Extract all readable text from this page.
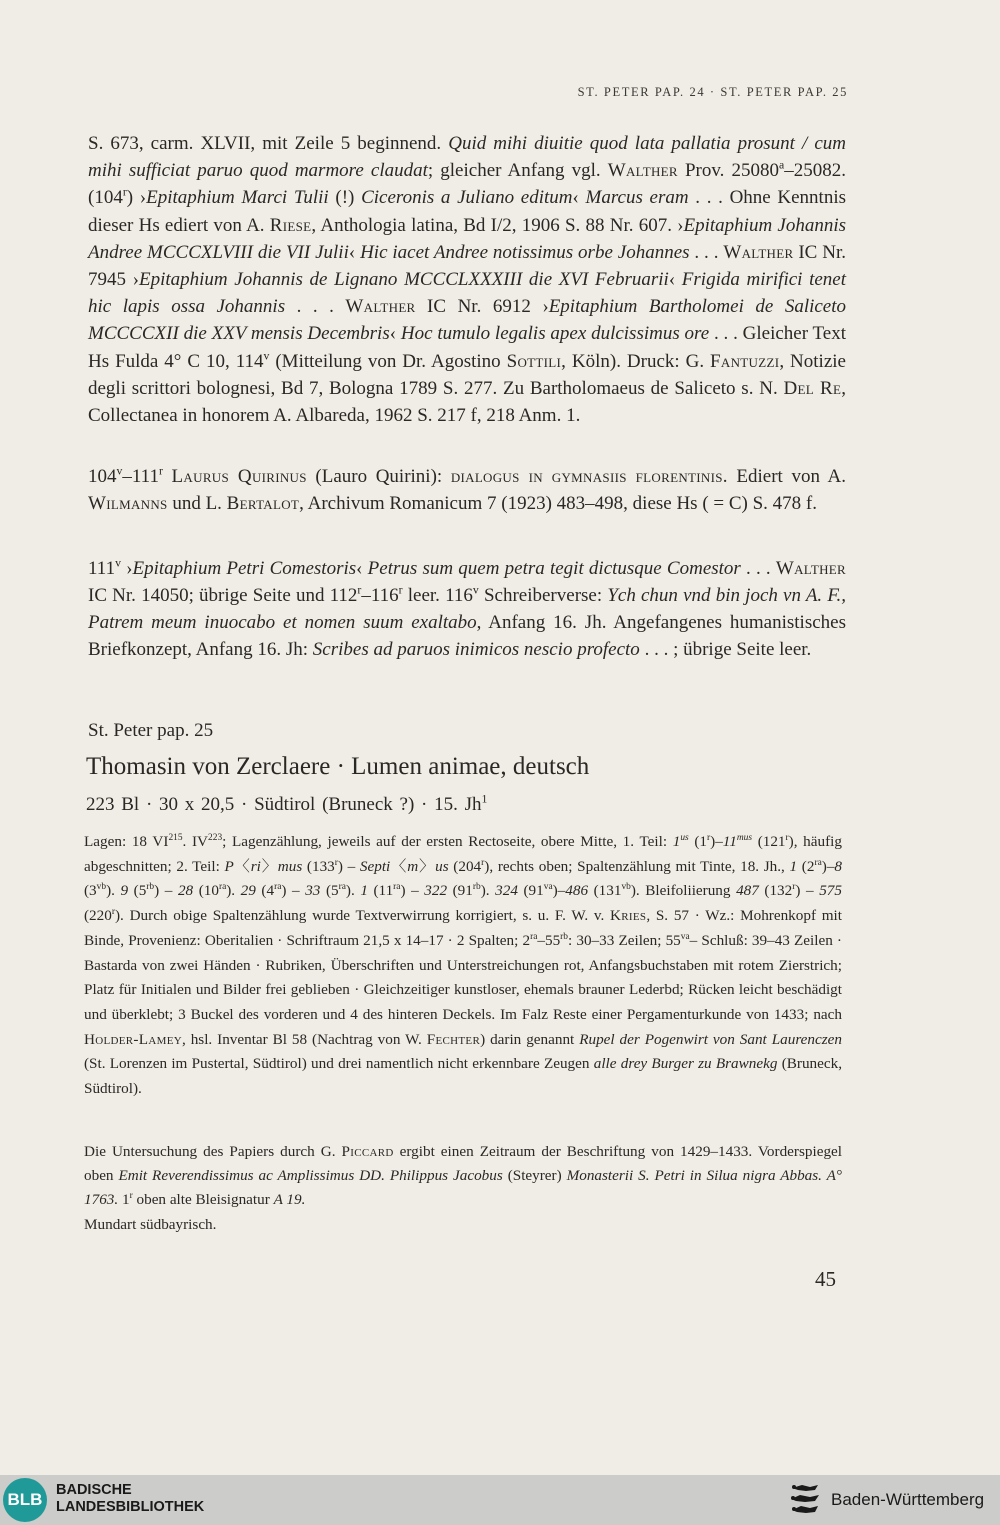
ST. PETER PAP. 24 · ST. PETER PAP. 25

S. 673, carm. XLVII, mit Zeile 5 beginnend. Quid mihi diuitie quod lata pallatia prosunt / cum mihi sufficiat paruo quod marmore claudat; gleicher Anfang vgl. Walther Prov. 25080$^a$–25082. (104$^r$) ›Epitaphium Marci Tulii (!) Ciceronis a Juliano editum‹ Marcus eram . . . Ohne Kenntnis dieser Hs ediert von A. Riese, Anthologia latina, Bd I/2, 1906 S. 88 Nr. 607. ›Epitaphium Johannis Andree MCCCXLVIII die VII Julii‹ Hic iacet Andree notissimus orbe Johannes . . . Walther IC Nr. 7945 ›Epitaphium Johannis de Lignano MCCCLXXXIII die XVI Februarii‹ Frigida mirifici tenet hic lapis ossa Johannis . . . Walther IC Nr. 6912 ›Epitaphium Bartholomei de Saliceto MCCCCXII die XXV mensis Decembris‹ Hoc tumulo legalis apex dulcissimus ore . . . Gleicher Text Hs Fulda 4° C 10, 114$^v$ (Mitteilung von Dr. Agostino Sottili, Köln). Druck: G. Fantuzzi, Notizie degli scrittori bolognesi, Bd 7, Bologna 1789 S. 277. Zu Bartholomaeus de Saliceto s. N. Del Re, Collectanea in honorem A. Albareda, 1962 S. 217 f, 218 Anm. 1.

104$^v$–111$^r$ Laurus Quirinus (Lauro Quirini): dialogus in gymnasiis florentinis. Ediert von A. Wilmanns und L. Bertalot, Archivum Romanicum 7 (1923) 483–498, diese Hs ( = C) S. 478 f.

111$^v$ ›Epitaphium Petri Comestoris‹ Petrus sum quem petra tegit dictusque Comestor . . . Walther IC Nr. 14050; übrige Seite und 112$^r$–116$^r$ leer. 116$^v$ Schreiberverse: Ych chun vnd bin joch vn A. F., Patrem meum inuocabo et nomen suum exaltabo, Anfang 16. Jh. Angefangenes humanistisches Briefkonzept, Anfang 16. Jh: Scribes ad paruos inimicos nescio profecto . . . ; übrige Seite leer.

St. Peter pap. 25
Thomasin von Zerclaere · Lumen animae, deutsch
223 Bl · 30 x 20,5 · Südtirol (Bruneck ?) · 15. Jh$^1$

Lagen: 18 VI$^{215}$. IV$^{223}$; Lagenzählung, jeweils auf der ersten Rectoseite, obere Mitte, 1. Teil: $1^{us}$ $(1^r)-11^{mus}$ (121$^r$), häufig abgeschnitten; 2. Teil: P〈ri〉mus (133$^r$) – Septi〈m〉us (204$^r$), rechts oben; Spaltenzählung mit Tinte, 18. Jh., 1 $(2^{ra})-8$ $(3^{vb})$. 9 $(5^{rb}) - 28$ $(10^{ra})$. 29 $(4^{ra}) - 33$ $(5^{ra})$. 1 $(11^{ra}) - 322$ $(91^{rb})$. 324 $(91^{va})-486$ $(131^{vb})$. Bleifoliierung 487 (132$^r$) – 575 (220$^r$). Durch obige Spaltenzählung wurde Textverwirrung korrigiert, s. u. F. W. v. Kries, S. 57 · Wz.: Mohrenkopf mit Binde, Provenienz: Oberitalien · Schriftraum 21,5 x 14–17 · 2 Spalten; $2^{ra}-55^{rb}$: 30–33 Zeilen; $55^{va}-$ Schluß: 39–43 Zeilen · Bastarda von zwei Händen · Rubriken, Überschriften und Unterstreichungen rot, Anfangsbuchstaben mit rotem Zierstrich; Platz für Initialen und Bilder frei geblieben · Gleichzeitiger kunstloser, ehemals brauner Lederbd; Rücken leicht beschädigt und überklebt; 3 Buckel des vorderen und 4 des hinteren Deckels. Im Falz Reste einer Pergamenturkunde von 1433; nach Holder-Lamey, hsl. Inventar Bl 58 (Nachtrag von W. Fechter) darin genannt Rupel der Pogenwirt von Sant Laurenczen (St. Lorenzen im Pustertal, Südtirol) und drei namentlich nicht erkennbare Zeugen alle drey Burger zu Brawnekg (Bruneck, Südtirol).

Die Untersuchung des Papiers durch G. Piccard ergibt einen Zeitraum der Beschriftung von 1429–1433. Vorderspiegel oben Emit Reverendissimus ac Amplissimus DD. Philippus Jacobus (Steyrer) Monasterii S. Petri in Silua nigra Abbas. A° 1763. 1$^r$ oben alte Bleisignatur A 19.

Mundart südbayrisch.

45
BLB BADISCHE
LANDESBIBLIOTHEK	Baden-Württemberg
